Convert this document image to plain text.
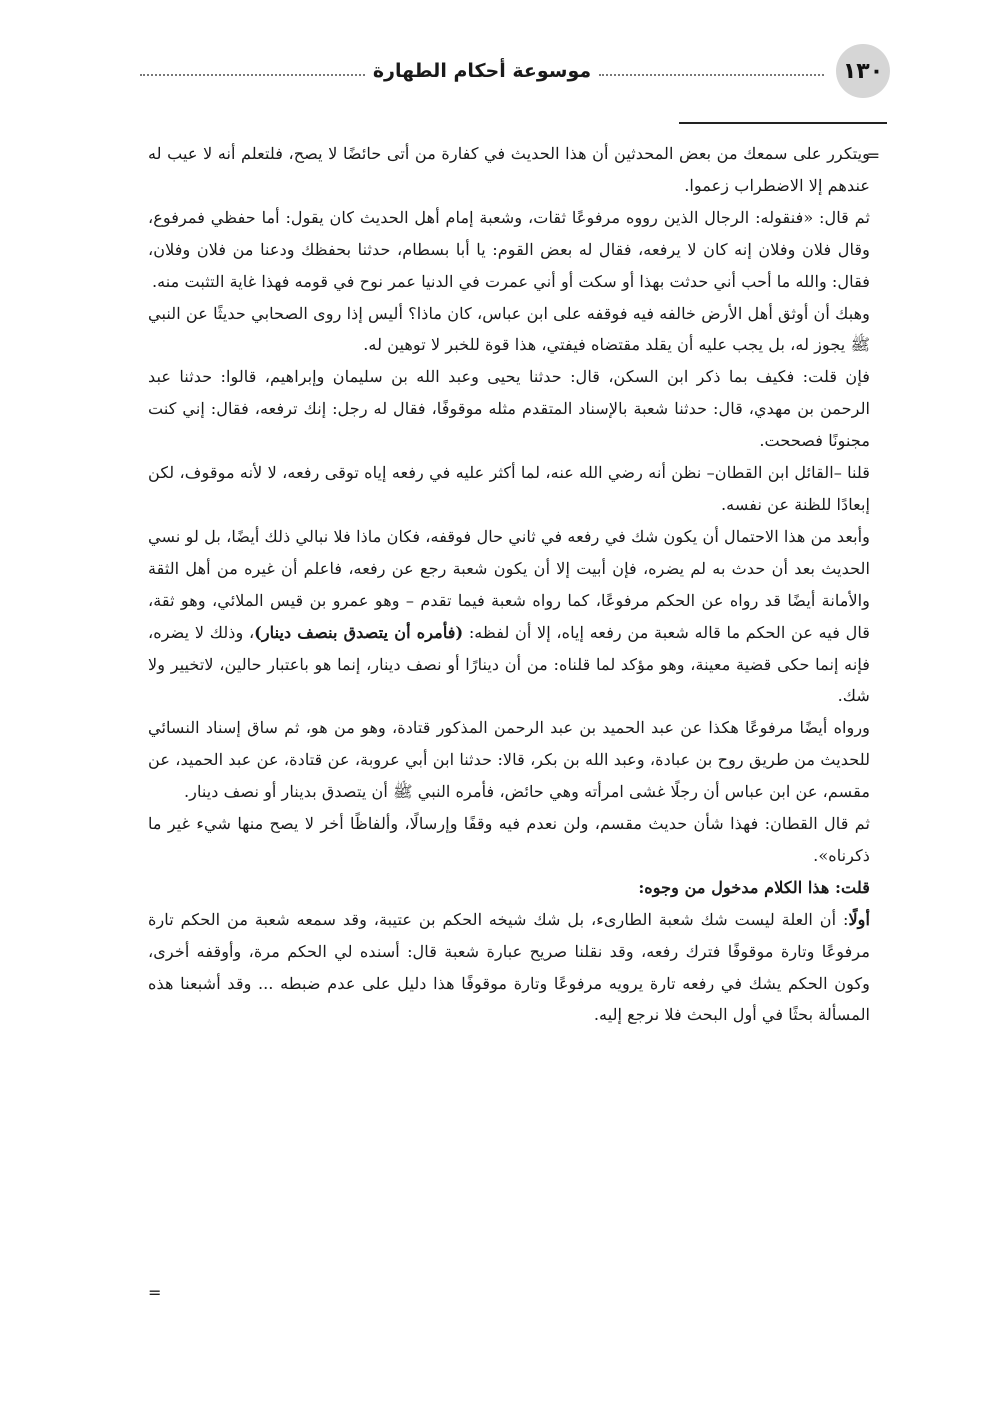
١٣٠
موسوعة أحكام الطهارة
=

ويتكرر على سمعك من بعض المحدثين أن هذا الحديث في كفارة من أتى حائضًا لا يصح، فلتعلم أنه لا عيب له عندهم إلا الاضطراب زعموا.

ثم قال: «فنقوله: الرجال الذين رووه مرفوعًا ثقات، وشعبة إمام أهل الحديث كان يقول: أما حفظي فمرفوع، وقال فلان وفلان إنه كان لا يرفعه، فقال له بعض القوم: يا أبا بسطام، حدثنا بحفظك ودعنا من فلان وفلان، فقال: والله ما أحب أني حدثت بهذا أو سكت أو أني عمرت في الدنيا عمر نوح في قومه فهذا غاية التثبت منه.

وهبك أن أوثق أهل الأرض خالفه فيه فوقفه على ابن عباس، كان ماذا؟ أليس إذا روى الصحابي حديثًا عن النبي ﷺ يجوز له، بل يجب عليه أن يقلد مقتضاه فيفتي، هذا قوة للخبر لا توهين له.

فإن قلت: فكيف بما ذكر ابن السكن، قال: حدثنا يحيى وعبد الله بن سليمان وإبراهيم، قالوا: حدثنا عبد الرحمن بن مهدي، قال: حدثنا شعبة بالإسناد المتقدم مثله موقوفًا، فقال له رجل: إنك ترفعه، فقال: إني كنت مجنونًا فصححت.

قلنا –القائل ابن القطان– نظن أنه رضي الله عنه، لما أكثر عليه في رفعه إياه توقى رفعه، لا لأنه موقوف، لكن إبعادًا للظنة عن نفسه.

وأبعد من هذا الاحتمال أن يكون شك في رفعه في ثاني حال فوقفه، فكان ماذا فلا نبالي ذلك أيضًا، بل لو نسي الحديث بعد أن حدث به لم يضره، فإن أبيت إلا أن يكون شعبة رجع عن رفعه، فاعلم أن غيره من أهل الثقة والأمانة أيضًا قد رواه عن الحكم مرفوعًا، كما رواه شعبة فيما تقدم – وهو عمرو بن قيس الملائي، وهو ثقة، قال فيه عن الحكم ما قاله شعبة من رفعه إياه، إلا أن لفظه: (فأمره أن يتصدق بنصف دينار)، وذلك لا يضره، فإنه إنما حكى قضية معينة، وهو مؤكد لما قلناه: من أن دينارًا أو نصف دينار، إنما هو باعتبار حالين، لاتخيير ولا شك.

ورواه أيضًا مرفوعًا هكذا عن عبد الحميد بن عبد الرحمن المذكور قتادة، وهو من هو، ثم ساق إسناد النسائي للحديث من طريق روح بن عبادة، وعبد الله بن بكر، قالا: حدثنا ابن أبي عروبة، عن قتادة، عن عبد الحميد، عن مقسم، عن ابن عباس أن رجلًا غشى امرأته وهي حائض، فأمره النبي ﷺ أن يتصدق بدينار أو نصف دينار.

ثم قال القطان: فهذا شأن حديث مقسم، ولن نعدم فيه وقفًا وإرسالًا، وألفاظًا أخر لا يصح منها شيء غير ما ذكرناه».

قلت: هذا الكلام مدخول من وجوه:

أولًا: أن العلة ليست شك شعبة الطارىء، بل شك شيخه الحكم بن عتيبة، وقد سمعه شعبة من الحكم تارة مرفوعًا وتارة موقوفًا فترك رفعه، وقد نقلنا صريح عبارة شعبة قال: أسنده لي الحكم مرة، وأوقفه أخرى، وكون الحكم يشك في رفعه تارة يرويه مرفوعًا وتارة موقوفًا هذا دليل على عدم ضبطه ... وقد أشبعنا هذه المسألة بحثًا في أول البحث فلا نرجع إليه.

=
